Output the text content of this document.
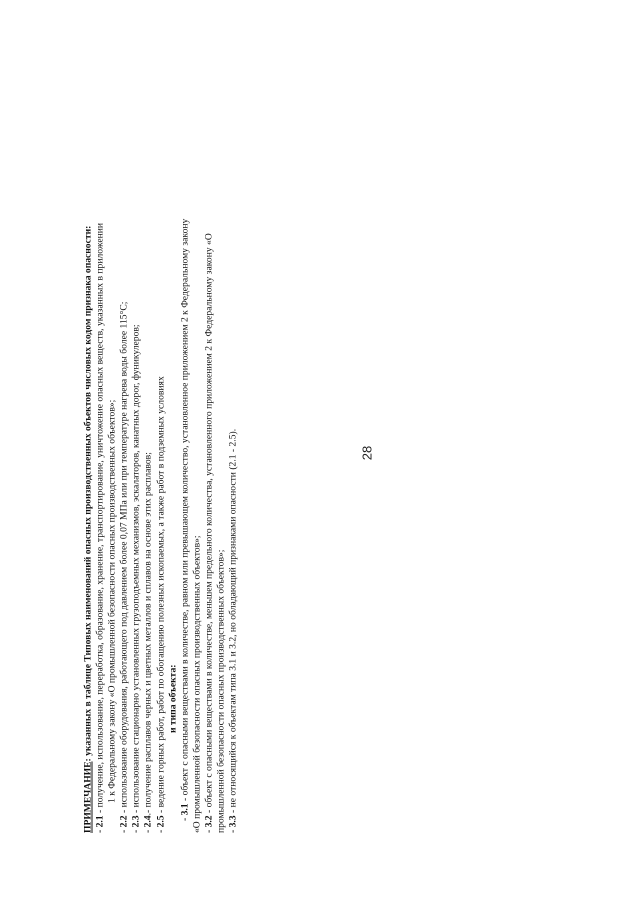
28
ПРИМЕЧАНИЕ: указанных в таблице Типовых наименований опасных производственных объектов числовых кодом признака опасности:
- 2.1 - получение, использование, переработка, образование, хранение, транспортирование, уничтожение опасных веществ, указанных в приложении 1 к Федеральному закону «О промышленной безопасности опасных производственных объектов»;
- 2.2 - использование оборудования, работающего под давлением более 0,07 МПа или при температуре нагрева воды более 115°С;
- 2.3 - использование стационарно установленных грузоподъемных механизмов, эскалаторов, канатных дорог, фуникулеров;
- 2.4.- получение расплавов черных и цветных металлов и сплавов на основе этих расплавов;
- 2.5 - ведение горных работ, работ по обогащению полезных ископаемых, а также работ в подземных условиях и типа объекта:
- 3.1 - объект с опасными веществами в количестве, равном или превышающем количество, установленное приложением 2 к Федеральному закону «О промышленной безопасности опасных производственных объектов»; - 3.2 - объект с опасными веществами в количестве, меньшем предельного количества, установленного приложением 2 к Федеральному закону «О промышленной безопасности опасных производственных объектов»; - 3.3 - не относящийся к объектам типа 3.1 и 3.2, но обладающий признаками опасности (2.1 - 2.5).
